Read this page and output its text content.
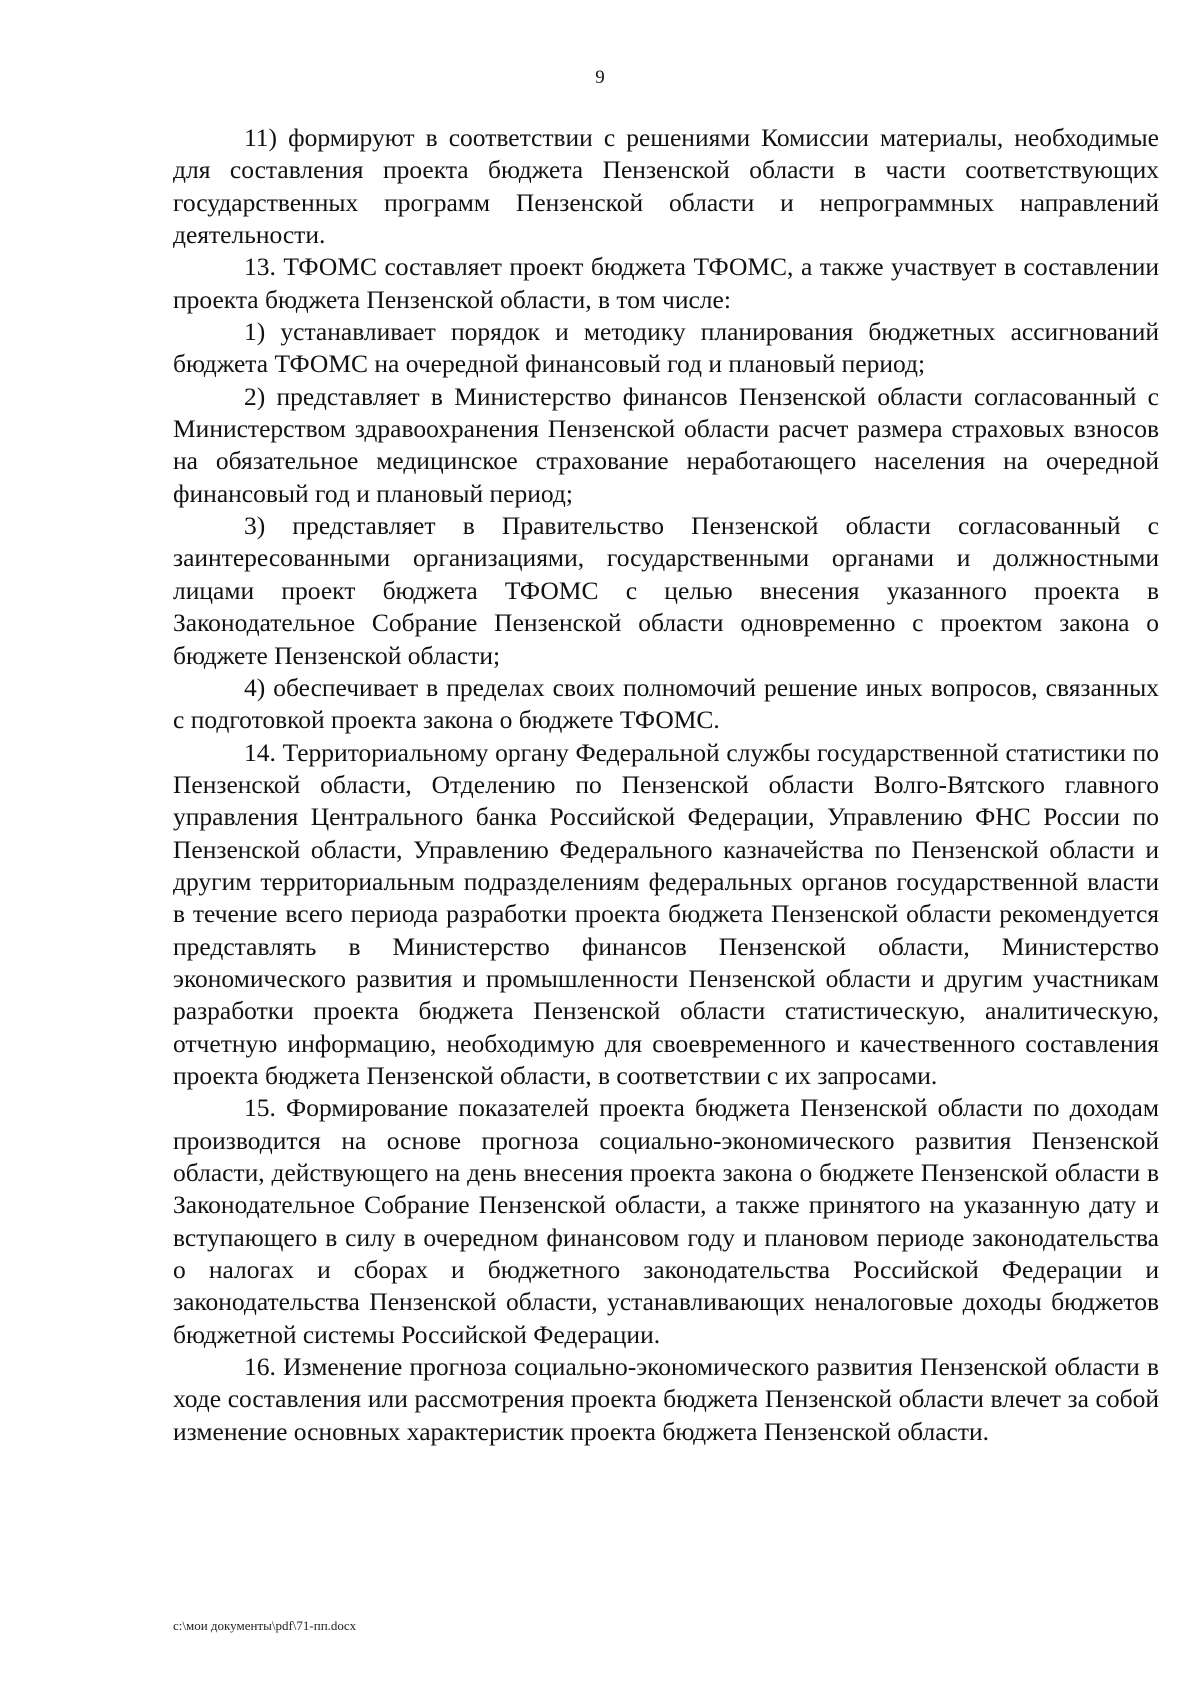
9

11) формируют в соответствии с решениями Комиссии материалы, необходимые для составления проекта бюджета Пензенской области в части соответствующих государственных программ Пензенской области и непрограммных направлений деятельности.

13. ТФОМС составляет проект бюджета ТФОМС, а также участвует в составлении проекта бюджета Пензенской области, в том числе:

1) устанавливает порядок и методику планирования бюджетных ассигнований бюджета ТФОМС на очередной финансовый год и плановый период;

2) представляет в Министерство финансов Пензенской области согласованный с Министерством здравоохранения Пензенской области расчет размера страховых взносов на обязательное медицинское страхование неработающего населения на очередной финансовый год и плановый период;

3) представляет в Правительство Пензенской области согласованный с заинтересованными организациями, государственными органами и должностными лицами проект бюджета ТФОМС с целью внесения указанного проекта в Законодательное Собрание Пензенской области одновременно с проектом закона о бюджете Пензенской области;

4) обеспечивает в пределах своих полномочий решение иных вопросов, связанных с подготовкой проекта закона о бюджете ТФОМС.

14. Территориальному органу Федеральной службы государственной статистики по Пензенской области, Отделению по Пензенской области Волго-Вятского главного управления Центрального банка Российской Федерации, Управлению ФНС России по Пензенской области, Управлению Федерального казначейства по Пензенской области и другим территориальным подразделениям федеральных органов государственной власти в течение всего периода разработки проекта бюджета Пензенской области рекомендуется представлять в Министерство финансов Пензенской области, Министерство экономического развития и промышленности Пензенской области и другим участникам разработки проекта бюджета Пензенской области статистическую, аналитическую, отчетную информацию, необходимую для своевременного и качественного составления проекта бюджета Пензенской области, в соответствии с их запросами.

15. Формирование показателей проекта бюджета Пензенской области по доходам производится на основе прогноза социально-экономического развития Пензенской области, действующего на день внесения проекта закона о бюджете Пензенской области в Законодательное Собрание Пензенской области, а также принятого на указанную дату и вступающего в силу в очередном финансовом году и плановом периоде законодательства о налогах и сборах и бюджетного законодательства Российской Федерации и законодательства Пензенской области, устанавливающих неналоговые доходы бюджетов бюджетной системы Российской Федерации.

16. Изменение прогноза социально-экономического развития Пензенской области в ходе составления или рассмотрения проекта бюджета Пензенской области влечет за собой изменение основных характеристик проекта бюджета Пензенской области.

c:\мои документы\pdf\71-пп.docx
